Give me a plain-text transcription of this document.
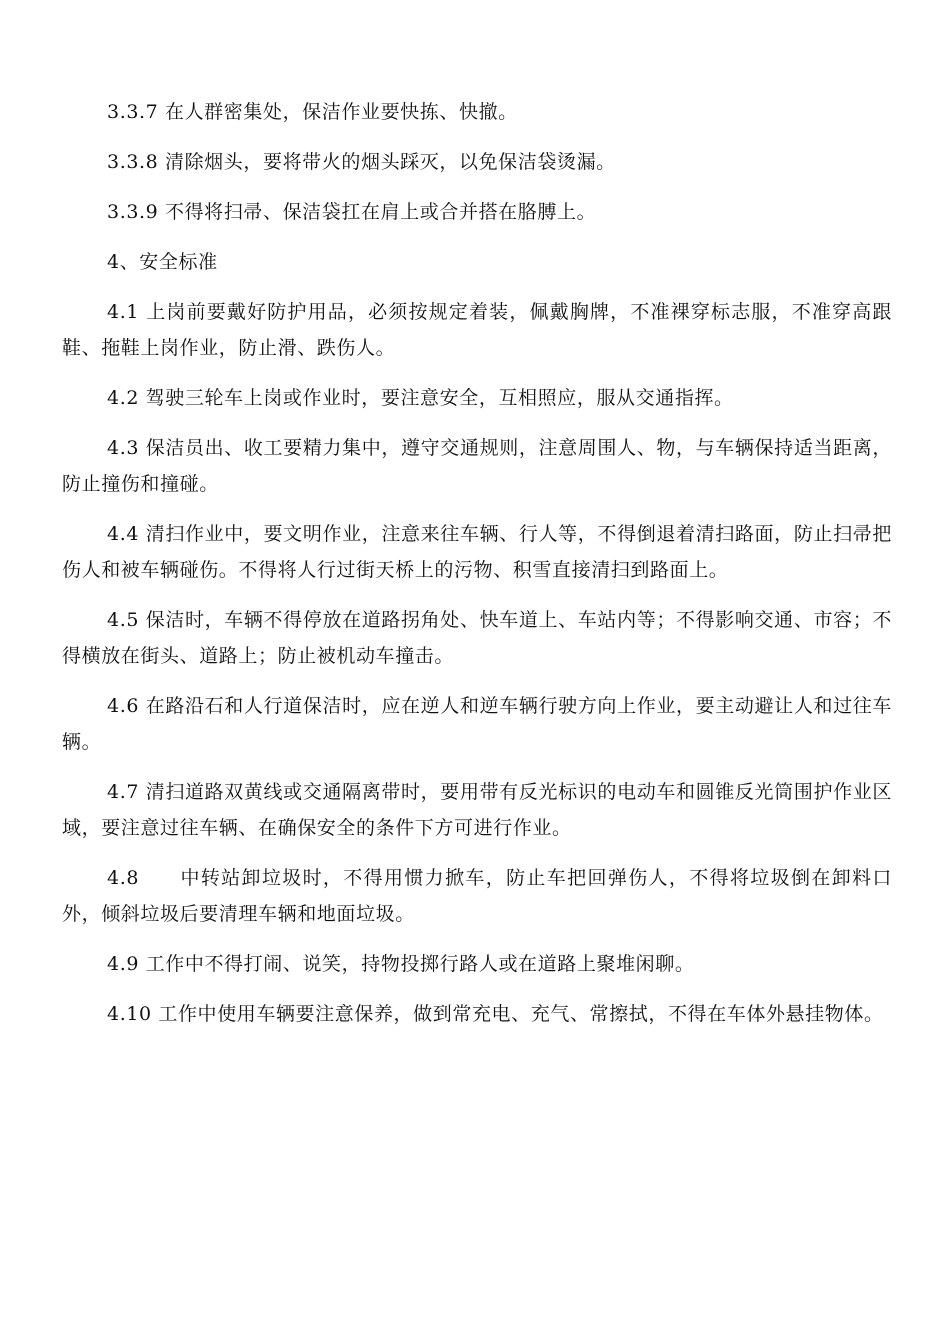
3.3.7 在人群密集处，保洁作业要快拣、快撤。

3.3.8 清除烟头，要将带火的烟头踩灭，以免保洁袋烫漏。

3.3.9 不得将扫帚、保洁袋扛在肩上或合并搭在胳膊上。

4、安全标准

4.1 上岗前要戴好防护用品，必须按规定着装，佩戴胸牌，不准裸穿标志服，不准穿高跟鞋、拖鞋上岗作业，防止滑、跌伤人。

4.2 驾驶三轮车上岗或作业时，要注意安全，互相照应，服从交通指挥。

4.3 保洁员出、收工要精力集中，遵守交通规则，注意周围人、物，与车辆保持适当距离，防止撞伤和撞碰。

4.4 清扫作业中，要文明作业，注意来往车辆、行人等，不得倒退着清扫路面，防止扫帚把伤人和被车辆碰伤。不得将人行过街天桥上的污物、积雪直接清扫到路面上。

4.5 保洁时，车辆不得停放在道路拐角处、快车道上、车站内等；不得影响交通、市容；不得横放在街头、道路上；防止被机动车撞击。

4.6 在路沿石和人行道保洁时，应在逆人和逆车辆行驶方向上作业，要主动避让人和过往车辆。

4.7 清扫道路双黄线或交通隔离带时，要用带有反光标识的电动车和圆锥反光筒围护作业区域，要注意过往车辆、在确保安全的条件下方可进行作业。

4.8　　中转站卸垃圾时，不得用惯力掀车，防止车把回弹伤人，不得将垃圾倒在卸料口外，倾斜垃圾后要清理车辆和地面垃圾。

4.9 工作中不得打闹、说笑，持物投掷行路人或在道路上聚堆闲聊。

4.10 工作中使用车辆要注意保养，做到常充电、充气、常擦拭，不得在车体外悬挂物体。
